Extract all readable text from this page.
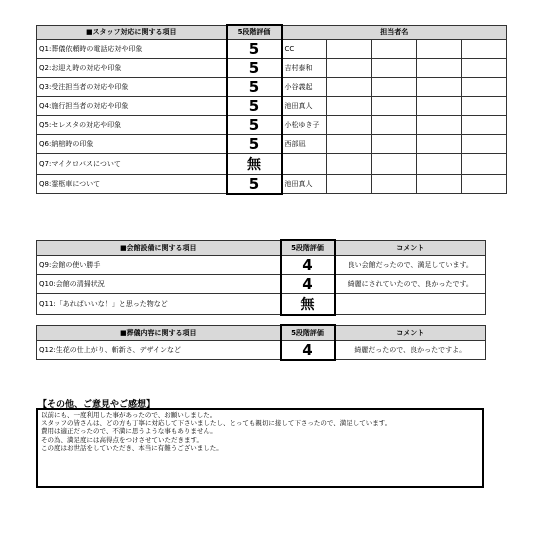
■スタッフ対応に関する項目	5段階評価	担当者名				
Q1:葬儀依頼時の電話応対や印象	5	CC				
Q2:お迎え時の対応や印象	5	吉村泰和				
Q3:受注担当者の対応や印象	5	小谷義起				
Q4:施行担当者の対応や印象	5	池田真人				
Q5:セレスタの対応や印象	5	小松ゆき子				
Q6:納棺時の印象	5	西部凪				
Q7:マイクロバスについて	無					
Q8:霊柩車について	5	池田真人				
■会館設備に関する項目	5段階評価	コメント
Q9:会館の使い勝手	4	良い会館だったので、満足しています。
Q10:会館の清掃状況	4	綺麗にされていたので、良かったです。
Q11:「あればいいな！」と思った物など	無	
■葬儀内容に関する項目	5段階評価	コメント
Q12:生花の仕上がり、斬新さ、デザインなど	4	綺麗だったので、良かったですよ。
【その他、ご意見やご感想】
以前にも、一度利用した事があったので、お願いしました。
スタッフの皆さんは、どの方も丁寧に対応して下さいましたし、とっても親切に接して下さったので、満足しています。
費用は適正だったので、不満に思うような事もありません。
その為、満足度には高得点をつけさせていただきます。
この度はお世話をしていただき、本当に有難うございました。
